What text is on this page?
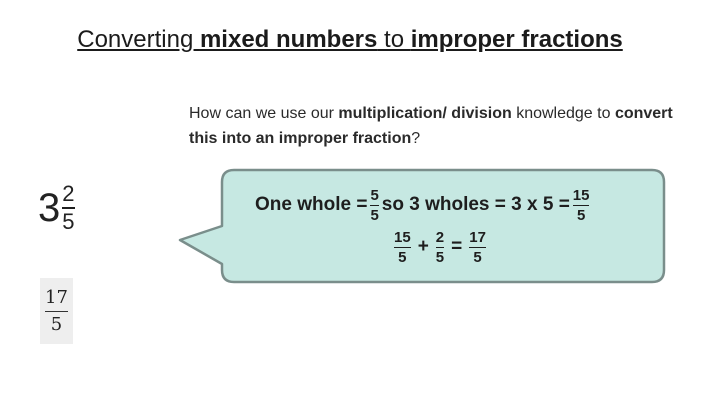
Converting mixed numbers to improper fractions
How can we use our multiplication/ division knowledge to convert this into an improper fraction?
$3 \frac{2}{5}$
$\frac{17}{5}$
One whole = $\frac{5}{5}$ so 3 wholes = 3 x $5 = \frac{15}{5}$
$\frac{15}{5} + \frac{2}{5} = \frac{17}{5}$
